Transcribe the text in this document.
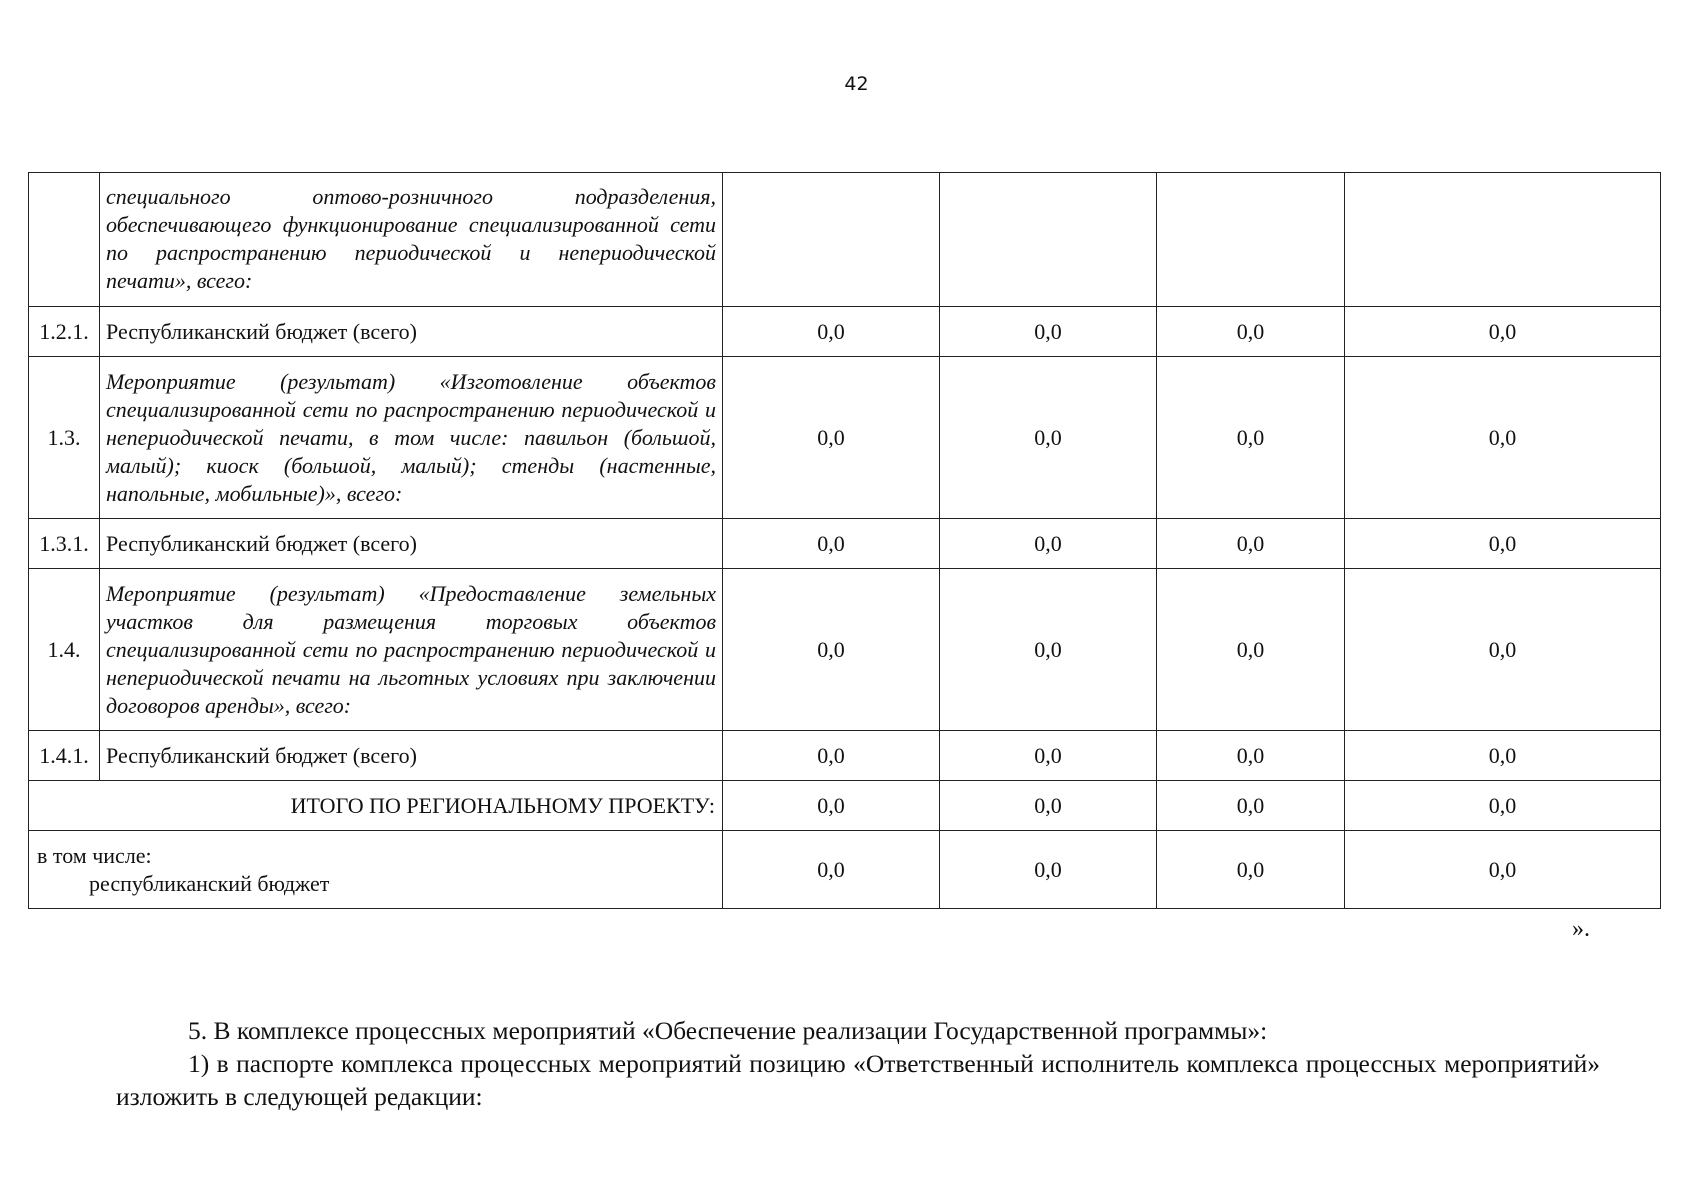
42
	специального оптово-розничного подразделения, обеспечивающего функционирование специализированной сети по распространению периодической и непериодической печати», всего:				
1.2.1.	Республиканский бюджет (всего)	0,0	0,0	0,0	0,0
1.3.	Мероприятие (результат) «Изготовление объектов специализированной сети по распространению периодической и непериодической печати, в том числе: павильон (большой, малый); киоск (большой, малый); стенды (настенные, напольные, мобильные)», всего:	0,0	0,0	0,0	0,0
1.3.1.	Республиканский бюджет (всего)	0,0	0,0	0,0	0,0
1.4.	Мероприятие (результат) «Предоставление земельных участков для размещения торговых объектов специализированной сети по распространению периодической и непериодической печати на льготных условиях при заключении договоров аренды», всего:	0,0	0,0	0,0	0,0
1.4.1.	Республиканский бюджет (всего)	0,0	0,0	0,0	0,0
ИТОГО ПО РЕГИОНАЛЬНОМУ ПРОЕКТУ:		0,0	0,0	0,0	0,0

в том числе:
республиканский бюджет		0,0	0,0	0,0	0,0
».
5. В комплексе процессных мероприятий «Обеспечение реализации Государственной программы»:
1) в паспорте комплекса процессных мероприятий позицию «Ответственный исполнитель комплекса процессных мероприятий» изложить в следующей редакции:
